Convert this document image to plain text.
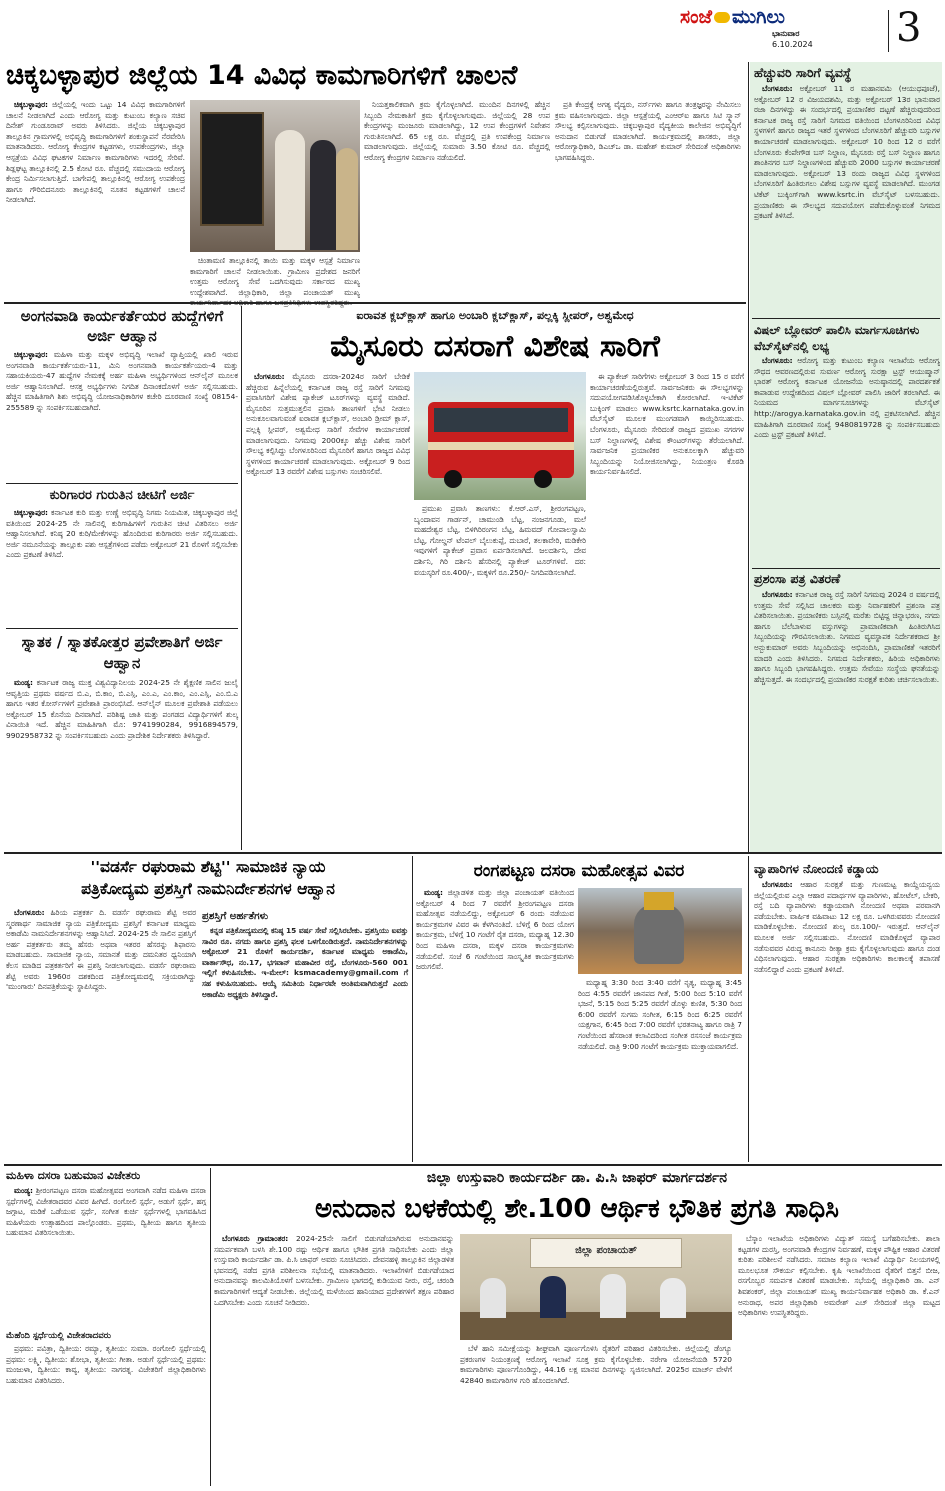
ಸಂಜೆ ಮುಗಿಲು
ಭಾನುವಾರ
6.10.2024 3
ಚಿಕ್ಕಬಳ್ಳಾಪುರ ಜಿಲ್ಲೆಯ 14 ವಿವಿಧ ಕಾಮಗಾರಿಗಳಿಗೆ ಚಾಲನೆ

ಚಿಕ್ಕಬಳ್ಳಾಪುರ: ಜಿಲ್ಲೆಯಲ್ಲಿ ಇಂದು ಒಟ್ಟು 14 ವಿವಿಧ ಕಾಮಗಾರಿಗಳಿಗೆ ಚಾಲನೆ ನೀಡಲಾಗಿದೆ ಎಂದು ಆರೋಗ್ಯ ಮತ್ತು ಕುಟುಂಬ ಕಲ್ಯಾಣ ಸಚಿವ ದಿನೇಶ್ ಗುಂಡೂರಾವ್ ಅವರು ತಿಳಿಸಿದರು. ಜಿಲ್ಲೆಯ ಚಿಕ್ಕಬಳ್ಳಾಪುರ ತಾಲ್ಲೂಕಿನ ಗ್ರಾಮಗಳಲ್ಲಿ ಅಭಿವೃದ್ಧಿ ಕಾಮಗಾರಿಗಳಿಗೆ ಶಂಕುಸ್ಥಾಪನೆ ನೆರವೇರಿಸಿ ಮಾತನಾಡಿದರು. ಆರೋಗ್ಯ ಕೇಂದ್ರಗಳ ಕಟ್ಟಡಗಳು, ಉಪಕೇಂದ್ರಗಳು, ಜಿಲ್ಲಾ ಆಸ್ಪತ್ರೆಯ ವಿವಿಧ ಘಟಕಗಳ ನಿರ್ಮಾಣ ಕಾಮಗಾರಿಗಳು ಇದರಲ್ಲಿ ಸೇರಿವೆ. ಶಿಡ್ಲಘಟ್ಟ ತಾಲ್ಲೂಕಿನಲ್ಲಿ 2.5 ಕೋಟಿ ರೂ. ವೆಚ್ಚದಲ್ಲಿ ಸಮುದಾಯ ಆರೋಗ್ಯ ಕೇಂದ್ರ ನಿರ್ಮಿಸಲಾಗುತ್ತಿದೆ. ಬಾಗೇಪಲ್ಲಿ ತಾಲ್ಲೂಕಿನಲ್ಲಿ ಆರೋಗ್ಯ ಉಪಕೇಂದ್ರ ಹಾಗೂ ಗೌರಿಬಿದನೂರು ತಾಲ್ಲೂಕಿನಲ್ಲಿ ನೂತನ ಕಟ್ಟಡಗಳಿಗೆ ಚಾಲನೆ ನೀಡಲಾಗಿದೆ.

ಚಿಂತಾಮಣಿ ತಾಲ್ಲೂಕಿನಲ್ಲಿ ತಾಯಿ ಮತ್ತು ಮಕ್ಕಳ ಆಸ್ಪತ್ರೆ ನಿರ್ಮಾಣ ಕಾಮಗಾರಿಗೆ ಚಾಲನೆ ನೀಡಲಾಯಿತು. ಗ್ರಾಮೀಣ ಪ್ರದೇಶದ ಜನರಿಗೆ ಉತ್ತಮ ಆರೋಗ್ಯ ಸೇವೆ ಒದಗಿಸುವುದು ಸರ್ಕಾರದ ಮುಖ್ಯ ಉದ್ದೇಶವಾಗಿದೆ. ಜಿಲ್ಲಾಧಿಕಾರಿ, ಜಿಲ್ಲಾ ಪಂಚಾಯತ್ ಮುಖ್ಯ

ನಿಯತ್ತಕಾಲಿಕವಾಗಿ ಕ್ರಮ ಕೈಗೊಳ್ಳಲಾಗಿದೆ. ಮುಂದಿನ ದಿನಗಳಲ್ಲಿ ಹೆಚ್ಚಿನ ಸಿಬ್ಬಂದಿ ನೇಮಕಾತಿಗೆ ಕ್ರಮ ಕೈಗೊಳ್ಳಲಾಗುವುದು. ಜಿಲ್ಲೆಯಲ್ಲಿ 28 ಉಪ ಕೇಂದ್ರಗಳನ್ನು ಮಂಜೂರು ಮಾಡಲಾಗಿದ್ದು, 12 ಉಪ ಕೇಂದ್ರಗಳಿಗೆ ನಿವೇಶನ ಗುರುತಿಸಲಾಗಿದೆ. 65 ಲಕ್ಷ ರೂ. ವೆಚ್ಚದಲ್ಲಿ ಪ್ರತಿ ಉಪಕೇಂದ್ರ ನಿರ್ಮಾಣ ಮಾಡಲಾಗುವುದು. ಜಿಲ್ಲೆಯಲ್ಲಿ ಸುಮಾರು 3.50 ಕೋಟಿ ರೂ. ವೆಚ್ಚದಲ್ಲಿ ಆರೋಗ್ಯ ಕೇಂದ್ರಗಳ ನಿರ್ಮಾಣ ನಡೆಯಲಿದೆ.

ಪ್ರತಿ ಕೇಂದ್ರಕ್ಕೆ ಅಗತ್ಯ ವೈದ್ಯರು, ನರ್ಸ್‌ಗಳು ಹಾಗೂ ತಂತ್ರಜ್ಞರನ್ನು ನೇಮಿಸಲು ಕ್ರಮ ವಹಿಸಲಾಗುವುದು. ಜಿಲ್ಲಾ ಆಸ್ಪತ್ರೆಯಲ್ಲಿ ಎಂಆರ್‌ಐ ಹಾಗೂ ಸಿಟಿ ಸ್ಕ್ಯಾನ್ ಸೌಲಭ್ಯ ಕಲ್ಪಿಸಲಾಗುವುದು. ಚಿಕ್ಕಬಳ್ಳಾಪುರ ವೈದ್ಯಕೀಯ ಕಾಲೇಜಿನ ಅಭಿವೃದ್ಧಿಗೆ ಅನುದಾನ ಬಿಡುಗಡೆ ಮಾಡಲಾಗಿದೆ. ಕಾರ್ಯಕ್ರಮದಲ್ಲಿ ಶಾಸಕರು, ಜಿಲ್ಲಾ ಆರೋಗ್ಯಾಧಿಕಾರಿ, ಡಿಎಚ್‌ಒ ಡಾ. ಮಹೇಶ್ ಕುಮಾರ್ ಸೇರಿದಂತೆ ಅಧಿಕಾರಿಗಳು ಭಾಗವಹಿಸಿದ್ದರು.

ಹೆಚ್ಚುವರಿ ಸಾರಿಗೆ ವ್ಯವಸ್ಥೆ

ಬೆಂಗಳೂರು: ಅಕ್ಟೋಬರ್ 11 ರ ಮಹಾನವಮಿ (ಆಯುಧಪೂಜೆ), ಅಕ್ಟೋಬರ್ 12 ರ ವಿಜಯದಶಮಿ, ಮತ್ತು ಅಕ್ಟೋಬರ್ 13ರ ಭಾನುವಾರ ರಜಾ ದಿನಗಳಿದ್ದು ಈ ಸಂದರ್ಭದಲ್ಲಿ ಪ್ರಯಾಣಿಕರ ದಟ್ಟಣೆ ಹೆಚ್ಚಿರುವುದರಿಂದ ಕರ್ನಾಟಕ ರಾಜ್ಯ ರಸ್ತೆ ಸಾರಿಗೆ ನಿಗಮದ ವತಿಯಿಂದ ಬೆಂಗಳೂರಿನಿಂದ ವಿವಿಧ ಸ್ಥಳಗಳಿಗೆ ಹಾಗೂ ರಾಜ್ಯದ ಇತರೆ ಸ್ಥಳಗಳಿಂದ ಬೆಂಗಳೂರಿಗೆ ಹೆಚ್ಚುವರಿ ಬಸ್ಸುಗಳ ಕಾರ್ಯಾಚರಣೆ ಮಾಡಲಾಗುವುದು. ಅಕ್ಟೋಬರ್ 10 ರಿಂದ 12 ರ ವರೆಗೆ ಬೆಂಗಳೂರು ಕೆಂಪೇಗೌಡ ಬಸ್ ನಿಲ್ದಾಣ, ಮೈಸೂರು ರಸ್ತೆ ಬಸ್ ನಿಲ್ದಾಣ ಹಾಗೂ ಶಾಂತಿನಗರ ಬಸ್ ನಿಲ್ದಾಣಗಳಿಂದ ಹೆಚ್ಚುವರಿ 2000 ಬಸ್ಸುಗಳ ಕಾರ್ಯಾಚರಣೆ ಮಾಡಲಾಗುವುದು. ಅಕ್ಟೋಬರ್ 13 ರಂದು ರಾಜ್ಯದ ವಿವಿಧ ಸ್ಥಳಗಳಿಂದ ಬೆಂಗಳೂರಿಗೆ ಹಿಂತಿರುಗಲು ವಿಶೇಷ ಬಸ್ಸುಗಳ ವ್ಯವಸ್ಥೆ ಮಾಡಲಾಗಿದೆ. ಮುಂಗಡ ಟಿಕೆಟ್ ಬುಕ್ಕಿಂಗ್‌ಗಾಗಿ www.ksrtc.in ವೆಬ್‌ಸೈಟ್ ಬಳಸಬಹುದು. ಪ್ರಯಾಣಿಕರು ಈ ಸೌಲಭ್ಯದ ಸದುಪಯೋಗ ಪಡೆದುಕೊಳ್ಳುವಂತೆ ನಿಗಮದ ಪ್ರಕಟಣೆ ತಿಳಿಸಿದೆ.

ವಿಷಲ್ ಬ್ಲೋವರ್ ಪಾಲಿಸಿ ಮಾರ್ಗಸೂಚಿಗಳು ವೆಬ್‌ಸೈಟ್‌ನಲ್ಲಿ ಲಭ್ಯ

ಬೆಂಗಳೂರು: ಆರೋಗ್ಯ ಮತ್ತು ಕುಟುಂಬ ಕಲ್ಯಾಣ ಇಲಾಖೆಯ ಆರೋಗ್ಯ ಸೌಧದ ಆವರಣದಲ್ಲಿರುವ ಸುವರ್ಣ ಆರೋಗ್ಯ ಸುರಕ್ಷಾ ಟ್ರಸ್ಟ್ ಆಯುಷ್ಮಾನ್ ಭಾರತ್ ಆರೋಗ್ಯ ಕರ್ನಾಟಕ ಯೋಜನೆಯ ಅನುಷ್ಠಾನದಲ್ಲಿ ಪಾರದರ್ಶಕತೆ ಕಾಪಾಡುವ ಉದ್ದೇಶದಿಂದ ವಿಷಲ್ ಬ್ಲೋವರ್ ಪಾಲಿಸಿ ಜಾರಿಗೆ ತರಲಾಗಿದೆ. ಈ ನಿಯಮದ ಮಾರ್ಗಸೂಚಿಗಳನ್ನು ವೆಬ್‌ಸೈಟ್ http://arogya.karnataka.gov.in ನಲ್ಲಿ ಪ್ರಕಟಿಸಲಾಗಿದೆ. ಹೆಚ್ಚಿನ ಮಾಹಿತಿಗಾಗಿ ದೂರವಾಣಿ ಸಂಖ್ಯೆ 9480819728 ನ್ನು ಸಂಪರ್ಕಿಸಬಹುದು ಎಂದು ಟ್ರಸ್ಟ್ ಪ್ರಕಟಣೆ ತಿಳಿಸಿದೆ.

ಪ್ರಶಂಸಾ ಪತ್ರ ವಿತರಣೆ

ಬೆಂಗಳೂರು: ಕರ್ನಾಟಕ ರಾಜ್ಯ ರಸ್ತೆ ಸಾರಿಗೆ ನಿಗಮವು 2024 ರ ವರ್ಷದಲ್ಲಿ ಉತ್ತಮ ಸೇವೆ ಸಲ್ಲಿಸಿದ ಚಾಲಕರು ಮತ್ತು ನಿರ್ವಾಹಕರಿಗೆ ಪ್ರಶಂಸಾ ಪತ್ರ ವಿತರಿಸಲಾಯಿತು. ಪ್ರಯಾಣಿಕರು ಬಸ್ಸಿನಲ್ಲಿ ಮರೆತು ಬಿಟ್ಟಿದ್ದ ಚಿನ್ನಾಭರಣ, ನಗದು ಹಾಗೂ ಬೆಲೆಬಾಳುವ ವಸ್ತುಗಳನ್ನು ಪ್ರಾಮಾಣಿಕವಾಗಿ ಹಿಂತಿರುಗಿಸಿದ ಸಿಬ್ಬಂದಿಯನ್ನು ಗೌರವಿಸಲಾಯಿತು. ನಿಗಮದ ವ್ಯವಸ್ಥಾಪಕ ನಿರ್ದೇಶಕರಾದ ಶ್ರೀ ಅನ್ಬುಕುಮಾರ್ ಅವರು ಸಿಬ್ಬಂದಿಯನ್ನು ಅಭಿನಂದಿಸಿ, ಪ್ರಾಮಾಣಿಕತೆ ಇತರರಿಗೆ ಮಾದರಿ ಎಂದು ತಿಳಿಸಿದರು. ನಿಗಮದ ನಿರ್ದೇಶಕರು, ಹಿರಿಯ ಅಧಿಕಾರಿಗಳು ಹಾಗೂ ಸಿಬ್ಬಂದಿ ಭಾಗವಹಿಸಿದ್ದರು. ಉತ್ತಮ ಸೇವೆಯು ಸಂಸ್ಥೆಯ ಘನತೆಯನ್ನು ಹೆಚ್ಚಿಸುತ್ತದೆ. ಈ ಸಂದರ್ಭದಲ್ಲಿ ಪ್ರಯಾಣಿಕರ ಸುರಕ್ಷತೆ ಕುರಿತು ಚರ್ಚಿಸಲಾಯಿತು.

ಅಂಗನವಾಡಿ ಕಾರ್ಯಕರ್ತೆಯರ ಹುದ್ದೆಗಳಿಗೆ ಅರ್ಜಿ ಆಹ್ವಾನ

ಚಿಕ್ಕಬಳ್ಳಾಪುರ: ಮಹಿಳಾ ಮತ್ತು ಮಕ್ಕಳ ಅಭಿವೃದ್ಧಿ ಇಲಾಖೆ ವ್ಯಾಪ್ತಿಯಲ್ಲಿ ಖಾಲಿ ಇರುವ ಅಂಗನವಾಡಿ ಕಾರ್ಯಕರ್ತೆಯರು-11, ಮಿನಿ ಅಂಗನವಾಡಿ ಕಾರ್ಯಕರ್ತೆಯರು-4 ಮತ್ತು ಸಹಾಯಕಿಯರು-47 ಹುದ್ದೆಗಳ ನೇಮಕಕ್ಕೆ ಅರ್ಹ ಮಹಿಳಾ ಅಭ್ಯರ್ಥಿಗಳಿಂದ ಆನ್‌ಲೈನ್ ಮೂಲಕ ಅರ್ಜಿ ಆಹ್ವಾನಿಸಲಾಗಿದೆ. ಆಸಕ್ತ ಅಭ್ಯರ್ಥಿಗಳು ನಿಗದಿತ ದಿನಾಂಕದೊಳಗೆ ಅರ್ಜಿ ಸಲ್ಲಿಸಬಹುದು. ಹೆಚ್ಚಿನ ಮಾಹಿತಿಗಾಗಿ ಶಿಶು ಅಭಿವೃದ್ಧಿ ಯೋಜನಾಧಿಕಾರಿಗಳ ಕಚೇರಿ ದೂರವಾಣಿ ಸಂಖ್ಯೆ 08154-255589 ನ್ನು ಸಂಪರ್ಕಿಸಬಹುದಾಗಿದೆ.

ಕುರಿಗಾರರ ಗುರುತಿನ ಚೀಟಿಗೆ ಅರ್ಜಿ

ಚಿಕ್ಕಬಳ್ಳಾಪುರ: ಕರ್ನಾಟಕ ಕುರಿ ಮತ್ತು ಉಣ್ಣೆ ಅಭಿವೃದ್ಧಿ ನಿಗಮ ನಿಯಮಿತ, ಚಿಕ್ಕಬಳ್ಳಾಪುರ ಜಿಲ್ಲೆ ವತಿಯಿಂದ 2024-25 ನೇ ಸಾಲಿನಲ್ಲಿ ಕುರಿಗಾಹಿಗಳಿಗೆ ಗುರುತಿನ ಚೀಟಿ ವಿತರಿಸಲು ಅರ್ಜಿ ಆಹ್ವಾನಿಸಲಾಗಿದೆ. ಕನಿಷ್ಠ 20 ಕುರಿ/ಮೇಕೆಗಳನ್ನು ಹೊಂದಿರುವ ಕುರಿಗಾರರು ಅರ್ಜಿ ಸಲ್ಲಿಸಬಹುದು. ಅರ್ಜಿ ನಮೂನೆಯನ್ನು ತಾಲ್ಲೂಕು ಪಶು ಆಸ್ಪತ್ರೆಗಳಿಂದ ಪಡೆದು ಅಕ್ಟೋಬರ್ 21 ರೊಳಗೆ ಸಲ್ಲಿಸಬೇಕು ಎಂದು ಪ್ರಕಟಣೆ ತಿಳಿಸಿದೆ.

ಸ್ನಾತಕ / ಸ್ನಾತಕೋತ್ತರ ಪ್ರವೇಶಾತಿಗೆ ಅರ್ಜಿ ಆಹ್ವಾನ

ಮಂಡ್ಯ: ಕರ್ನಾಟಕ ರಾಜ್ಯ ಮುಕ್ತ ವಿಶ್ವವಿದ್ಯಾನಿಲಯ 2024-25 ನೇ ಶೈಕ್ಷಣಿಕ ಸಾಲಿನ ಜುಲೈ ಆವೃತ್ತಿಯ ಪ್ರಥಮ ವರ್ಷದ ಬಿ.ಎ, ಬಿ.ಕಾಂ, ಬಿ.ಎಸ್ಸಿ, ಎಂ.ಎ, ಎಂ.ಕಾಂ, ಎಂ.ಎಸ್ಸಿ, ಎಂ.ಬಿ.ಎ ಹಾಗೂ ಇತರ ಕೋರ್ಸ್‌ಗಳಿಗೆ ಪ್ರವೇಶಾತಿ ಪ್ರಾರಂಭಿಸಿದೆ. ಆನ್‌ಲೈನ್ ಮೂಲಕ ಪ್ರವೇಶಾತಿ ಪಡೆಯಲು ಅಕ್ಟೋಬರ್ 15 ಕೊನೆಯ ದಿನವಾಗಿದೆ. ಪರಿಶಿಷ್ಟ ಜಾತಿ ಮತ್ತು ಪಂಗಡದ ವಿದ್ಯಾರ್ಥಿಗಳಿಗೆ ಶುಲ್ಕ ವಿನಾಯಿತಿ ಇದೆ. ಹೆಚ್ಚಿನ ಮಾಹಿತಿಗಾಗಿ ಮೊ: 9741990284, 9916894579, 9902958732 ನ್ನು ಸಂಪರ್ಕಿಸಬಹುದು ಎಂದು ಪ್ರಾದೇಶಿಕ ನಿರ್ದೇಶಕರು ತಿಳಿಸಿದ್ದಾರೆ.

ಐರಾವತ ಕ್ಲಬ್‌ಕ್ಲಾಸ್ ಹಾಗೂ ಅಂಬಾರಿ ಕ್ಲಬ್‌ಕ್ಲಾಸ್, ಪಲ್ಲಕ್ಕಿ ಸ್ಲೀಪರ್, ಅಶ್ವಮೇಧ
ಮೈಸೂರು ದಸರಾಗೆ ವಿಶೇಷ ಸಾರಿಗೆ

ಬೆಂಗಳೂರು: ಮೈಸೂರು ದಸರಾ-2024ರ ಸಾರಿಗೆ ಬೇಡಿಕೆ ಹೆಚ್ಚಿರುವ ಹಿನ್ನೆಲೆಯಲ್ಲಿ ಕರ್ನಾಟಕ ರಾಜ್ಯ ರಸ್ತೆ ಸಾರಿಗೆ ನಿಗಮವು ಪ್ರವಾಸಿಗರಿಗೆ ವಿಶೇಷ ಪ್ಯಾಕೇಜ್ ಟೂರ್‌ಗಳನ್ನು ವ್ಯವಸ್ಥೆ ಮಾಡಿದೆ. ಮೈಸೂರಿನ ಸುತ್ತಮುತ್ತಲಿನ ಪ್ರವಾಸಿ ತಾಣಗಳಿಗೆ ಭೇಟಿ ನೀಡಲು ಅನುಕೂಲವಾಗುವಂತೆ ಐರಾವತ ಕ್ಲಬ್‌ಕ್ಲಾಸ್, ಅಂಬಾರಿ ಡ್ರೀಮ್ ಕ್ಲಾಸ್, ಪಲ್ಲಕ್ಕಿ ಸ್ಲೀಪರ್, ಅಶ್ವಮೇಧ ಸಾರಿಗೆ ಸೇವೆಗಳ ಕಾರ್ಯಾಚರಣೆ ಮಾಡಲಾಗುವುದು. ನಿಗಮವು 2000ಕ್ಕೂ ಹೆಚ್ಚು ವಿಶೇಷ ಸಾರಿಗೆ ಸೌಲಭ್ಯ ಕಲ್ಪಿಸಿದ್ದು ಬೆಂಗಳೂರಿನಿಂದ ಮೈಸೂರಿಗೆ ಹಾಗೂ ರಾಜ್ಯದ ವಿವಿಧ ಸ್ಥಳಗಳಿಂದ ಕಾರ್ಯಾಚರಣೆ ಮಾಡಲಾಗುವುದು. ಅಕ್ಟೋಬರ್ 9 ರಿಂದ ಅಕ್ಟೋಬರ್ 13 ರವರೆಗೆ ವಿಶೇಷ ಬಸ್ಸುಗಳು ಸಂಚರಿಸಲಿವೆ.

ಪ್ರಮುಖ ಪ್ರವಾಸಿ ತಾಣಗಳು: ಕೆ.ಆರ್.ಎಸ್, ಶ್ರೀರಂಗಪಟ್ಟಣ, ಬೃಂದಾವನ ಗಾರ್ಡನ್, ಚಾಮುಂಡಿ ಬೆಟ್ಟ, ನಂಜನಗೂಡು, ಮಲೆ ಮಹದೇಶ್ವರ ಬೆಟ್ಟ, ಬಿಳಿಗಿರಿರಂಗನ ಬೆಟ್ಟ, ಹಿಮವದ್ ಗೋಪಾಲಸ್ವಾಮಿ ಬೆಟ್ಟ, ಗೋಲ್ಡನ್ ಟೆಂಪಲ್ ಬೈಲುಕುಪ್ಪೆ, ದುಬಾರೆ, ತಲಕಾವೇರಿ, ಮಡಿಕೇರಿ ಇವುಗಳಿಗೆ ಪ್ಯಾಕೇಜ್ ಪ್ರವಾಸ ಏರ್ಪಡಿಸಲಾಗಿದೆ. ಜಲದರ್ಶಿನಿ, ದೇವ ದರ್ಶಿನಿ, ಗಿರಿ ದರ್ಶಿನಿ ಹೆಸರಿನಲ್ಲಿ ಪ್ಯಾಕೇಜ್ ಟೂರ್‌ಗಳಿವೆ. ದರ: ವಯಸ್ಕರಿಗೆ ರೂ.400/-, ಮಕ್ಕಳಿಗೆ ರೂ.250/- ನಿಗದಿಪಡಿಸಲಾಗಿದೆ.

ಈ ಪ್ಯಾಕೇಜ್ ಸಾರಿಗೆಗಳು ಅಕ್ಟೋಬರ್ 3 ರಿಂದ 15 ರ ವರೆಗೆ ಕಾರ್ಯಾಚರಣೆಯಲ್ಲಿರುತ್ತವೆ. ಸಾರ್ವಜನಿಕರು ಈ ಸೌಲಭ್ಯಗಳನ್ನು ಸದುಪಯೋಗಪಡಿಸಿಕೊಳ್ಳಬೇಕಾಗಿ ಕೋರಲಾಗಿದೆ. ಇ-ಟಿಕೆಟ್ ಬುಕ್ಕಿಂಗ್ ಮಾಡಲು www.ksrtc.karnataka.gov.in ವೆಬ್‌ಸೈಟ್ ಮೂಲಕ ಮುಂಗಡವಾಗಿ ಕಾಯ್ದಿರಿಸಬಹುದು. ಬೆಂಗಳೂರು, ಮೈಸೂರು ಸೇರಿದಂತೆ ರಾಜ್ಯದ ಪ್ರಮುಖ ನಗರಗಳ ಬಸ್ ನಿಲ್ದಾಣಗಳಲ್ಲಿ ವಿಶೇಷ ಕೌಂಟರ್‌ಗಳನ್ನು ತೆರೆಯಲಾಗಿದೆ. ಸಾರ್ವಜನಿಕ ಪ್ರಯಾಣಿಕರ ಅನುಕೂಲಕ್ಕಾಗಿ ಹೆಚ್ಚುವರಿ ಸಿಬ್ಬಂದಿಯನ್ನು ನಿಯೋಜಿಸಲಾಗಿದ್ದು, ನಿಯಂತ್ರಣ ಕೊಠಡಿ ಕಾರ್ಯನಿರ್ವಹಿಸಲಿದೆ.

''ವಡರ್ಸೆ ರಘುರಾಮ ಶೆಟ್ಟಿ'' ಸಾಮಾಜಿಕ ನ್ಯಾಯ
ಪತ್ರಿಕೋದ್ಯಮ ಪ್ರಶಸ್ತಿಗೆ ನಾಮನಿರ್ದೇಶನಗಳ ಆಹ್ವಾನ

ಬೆಂಗಳೂರು: ಹಿರಿಯ ಪತ್ರಕರ್ತ ದಿ. ವಡರ್ಸೆ ರಘುರಾಮ ಶೆಟ್ಟಿ ಅವರ ಸ್ಮರಣಾರ್ಥ ಸಾಮಾಜಿಕ ನ್ಯಾಯ ಪತ್ರಿಕೋದ್ಯಮ ಪ್ರಶಸ್ತಿಗೆ ಕರ್ನಾಟಕ ಮಾಧ್ಯಮ ಅಕಾಡೆಮಿ ನಾಮನಿರ್ದೇಶನಗಳನ್ನು ಆಹ್ವಾನಿಸಿದೆ. 2024-25 ನೇ ಸಾಲಿನ ಪ್ರಶಸ್ತಿಗೆ ಅರ್ಹ ಪತ್ರಕರ್ತರು ತಮ್ಮ ಹೆಸರು ಅಥವಾ ಇತರರ ಹೆಸರನ್ನು ಶಿಫಾರಸು ಮಾಡಬಹುದು. ಸಾಮಾಜಿಕ ನ್ಯಾಯ, ಸಮಾನತೆ ಮತ್ತು ದಮನಿತರ ಧ್ವನಿಯಾಗಿ ಕೆಲಸ ಮಾಡಿದ ಪತ್ರಕರ್ತರಿಗೆ ಈ ಪ್ರಶಸ್ತಿ ನೀಡಲಾಗುವುದು. ವಡರ್ಸೆ ರಘುರಾಮ ಶೆಟ್ಟಿ ಅವರು 1960ರ ದಶಕದಿಂದ ಪತ್ರಿಕೋದ್ಯಮದಲ್ಲಿ ಸಕ್ರಿಯರಾಗಿದ್ದು 'ಮುಂಗಾರು' ದಿನಪತ್ರಿಕೆಯನ್ನು ಸ್ಥಾಪಿಸಿದ್ದರು.

ಪ್ರಶಸ್ತಿಗೆ ಅರ್ಹತೆಗಳು

ಕನ್ನಡ ಪತ್ರಿಕೋದ್ಯಮದಲ್ಲಿ ಕನಿಷ್ಠ 15 ವರ್ಷ ಸೇವೆ ಸಲ್ಲಿಸಿರಬೇಕು. ಪ್ರಶಸ್ತಿಯು ಐವತ್ತು ಸಾವಿರ ರೂ. ನಗದು ಹಾಗೂ ಪ್ರಶಸ್ತಿ ಫಲಕ ಒಳಗೊಂಡಿರುತ್ತದೆ. ನಾಮನಿರ್ದೇಶನಗಳನ್ನು ಅಕ್ಟೋಬರ್ 21 ರೊಳಗೆ ಕಾರ್ಯದರ್ಶಿ, ಕರ್ನಾಟಕ ಮಾಧ್ಯಮ ಅಕಾಡೆಮಿ, ವಾರ್ತಾಸೌಧ, ನಂ.17, ಭಗವಾನ್ ಮಹಾವೀರ ರಸ್ತೆ, ಬೆಂಗಳೂರು-560 001 ಇಲ್ಲಿಗೆ ಕಳುಹಿಸಬೇಕು. ಇ-ಮೇಲ್: ksmacademy@gmail.com ಗೆ ಸಹ ಕಳುಹಿಸಬಹುದು. ಆಯ್ಕೆ ಸಮಿತಿಯ ನಿರ್ಧಾರವೇ ಅಂತಿಮವಾಗಿರುತ್ತದೆ ಎಂದು ಅಕಾಡೆಮಿ ಅಧ್ಯಕ್ಷರು ತಿಳಿಸಿದ್ದಾರೆ.

ರಂಗಪಟ್ಟಣ ದಸರಾ ಮಹೋತ್ಸವ ವಿವರ

ಮಂಡ್ಯ: ಜಿಲ್ಲಾಡಳಿತ ಮತ್ತು ಜಿಲ್ಲಾ ಪಂಚಾಯತ್ ವತಿಯಿಂದ ಅಕ್ಟೋಬರ್ 4 ರಿಂದ 7 ರವರೆಗೆ ಶ್ರೀರಂಗಪಟ್ಟಣ ದಸರಾ ಮಹೋತ್ಸವ ನಡೆಯಲಿದ್ದು, ಅಕ್ಟೋಬರ್ 6 ರಂದು ನಡೆಯುವ ಕಾರ್ಯಕ್ರಮಗಳ ವಿವರ ಈ ಕೆಳಗಿನಂತಿದೆ. ಬೆಳಿಗ್ಗೆ 6 ರಿಂದ ಯೋಗ ಕಾರ್ಯಕ್ರಮ, ಬೆಳಿಗ್ಗೆ 10 ಗಂಟೆಗೆ ರೈತ ದಸರಾ, ಮಧ್ಯಾಹ್ನ 12.30 ರಿಂದ ಮಹಿಳಾ ದಸರಾ, ಮಕ್ಕಳ ದಸರಾ ಕಾರ್ಯಕ್ರಮಗಳು ನಡೆಯಲಿವೆ. ಸಂಜೆ 6 ಗಂಟೆಯಿಂದ ಸಾಂಸ್ಕೃತಿಕ ಕಾರ್ಯಕ್ರಮಗಳು ಜರುಗಲಿವೆ.

ಮಧ್ಯಾಹ್ನ 3:30 ರಿಂದ 3:40 ವರೆಗೆ ನೃತ್ಯ, ಮಧ್ಯಾಹ್ನ 3:45 ರಿಂದ 4:55 ರವರೆಗೆ ಜಾನಪದ ಗೀತೆ, 5:00 ರಿಂದ 5:10 ವರೆಗೆ ಭಜನೆ, 5:15 ರಿಂದ 5:25 ರವರೆಗೆ ಡೊಳ್ಳು ಕುಣಿತ, 5:30 ರಿಂದ 6:00 ರವರೆಗೆ ಸುಗಮ ಸಂಗೀತ, 6:15 ರಿಂದ 6:25 ರವರೆಗೆ ಯಕ್ಷಗಾನ, 6:45 ರಿಂದ 7:00 ರವರೆಗೆ ಭರತನಾಟ್ಯ ಹಾಗೂ ರಾತ್ರಿ 7 ಗಂಟೆಯಿಂದ ಹೆಸರಾಂತ ಕಲಾವಿದರಿಂದ ಸಂಗೀತ ರಸಸಂಜೆ ಕಾರ್ಯಕ್ರಮ ನಡೆಯಲಿದೆ. ರಾತ್ರಿ 9:00 ಗಂಟೆಗೆ ಕಾರ್ಯಕ್ರಮ ಮುಕ್ತಾಯವಾಗಲಿದೆ.

ವ್ಯಾಪಾರಿಗಳ ನೋಂದಣಿ ಕಡ್ಡಾಯ

ಬೆಂಗಳೂರು: ಆಹಾರ ಸುರಕ್ಷತೆ ಮತ್ತು ಗುಣಮಟ್ಟ ಕಾಯ್ದೆಯನ್ವಯ ಜಿಲ್ಲೆಯಲ್ಲಿರುವ ಎಲ್ಲಾ ಆಹಾರ ಪದಾರ್ಥಗಳ ವ್ಯಾಪಾರಿಗಳು, ಹೋಟೆಲ್, ಬೇಕರಿ, ರಸ್ತೆ ಬದಿ ವ್ಯಾಪಾರಿಗಳು ಕಡ್ಡಾಯವಾಗಿ ನೋಂದಣಿ ಅಥವಾ ಪರವಾನಗಿ ಪಡೆಯಬೇಕು. ವಾರ್ಷಿಕ ವಹಿವಾಟು 12 ಲಕ್ಷ ರೂ. ಒಳಗಿರುವವರು ನೋಂದಣಿ ಮಾಡಿಕೊಳ್ಳಬೇಕು. ನೋಂದಣಿ ಶುಲ್ಕ ರೂ.100/- ಇರುತ್ತದೆ. ಆನ್‌ಲೈನ್ ಮೂಲಕ ಅರ್ಜಿ ಸಲ್ಲಿಸಬಹುದು. ನೋಂದಣಿ ಮಾಡಿಕೊಳ್ಳದೆ ವ್ಯಾಪಾರ ನಡೆಸುವವರ ವಿರುದ್ಧ ಕಾನೂನು ರೀತ್ಯಾ ಕ್ರಮ ಕೈಗೊಳ್ಳಲಾಗುವುದು ಹಾಗೂ ದಂಡ ವಿಧಿಸಲಾಗುವುದು. ಆಹಾರ ಸುರಕ್ಷತಾ ಅಧಿಕಾರಿಗಳು ಕಾಲಕಾಲಕ್ಕೆ ತಪಾಸಣೆ ನಡೆಸಲಿದ್ದಾರೆ ಎಂದು ಪ್ರಕಟಣೆ ತಿಳಿಸಿದೆ.

ಮಹಿಳಾ ದಸರಾ ಬಹುಮಾನ ವಿಜೇತರು

ಮಂಡ್ಯ: ಶ್ರೀರಂಗಪಟ್ಟಣ ದಸರಾ ಮಹೋತ್ಸವದ ಅಂಗವಾಗಿ ನಡೆದ ಮಹಿಳಾ ದಸರಾ ಸ್ಪರ್ಧೆಗಳಲ್ಲಿ ವಿಜೇತರಾದವರ ವಿವರ ಹೀಗಿದೆ. ರಂಗೋಲಿ ಸ್ಪರ್ಧೆ, ಅಡುಗೆ ಸ್ಪರ್ಧೆ, ಹಗ್ಗ ಜಗ್ಗಾಟ, ಮಡಿಕೆ ಒಡೆಯುವ ಸ್ಪರ್ಧೆ, ಸಂಗೀತ ಕುರ್ಚಿ ಸ್ಪರ್ಧೆಗಳಲ್ಲಿ ಭಾಗವಹಿಸಿದ ಮಹಿಳೆಯರು ಉತ್ಸಾಹದಿಂದ ಪಾಲ್ಗೊಂಡರು. ಪ್ರಥಮ, ದ್ವಿತೀಯ ಹಾಗೂ ತೃತೀಯ ಬಹುಮಾನ ವಿತರಿಸಲಾಯಿತು.

ಮೆಹೆಂದಿ ಸ್ಪರ್ಧೆಯಲ್ಲಿ ವಿಜೇತರಾದವರು

ಪ್ರಥಮ: ಪವಿತ್ರಾ, ದ್ವಿತೀಯ: ರಮ್ಯಾ, ತೃತೀಯ: ಸುಮಾ. ರಂಗೋಲಿ ಸ್ಪರ್ಧೆಯಲ್ಲಿ ಪ್ರಥಮ: ಲಕ್ಷ್ಮಿ, ದ್ವಿತೀಯ: ಶೋಭಾ, ತೃತೀಯ: ಗೀತಾ. ಅಡುಗೆ ಸ್ಪರ್ಧೆಯಲ್ಲಿ ಪ್ರಥಮ: ಮಂಜುಳಾ, ದ್ವಿತೀಯ: ಕಾವ್ಯ, ತೃತೀಯ: ನಾಗರತ್ನ. ವಿಜೇತರಿಗೆ ಜಿಲ್ಲಾಧಿಕಾರಿಗಳು ಬಹುಮಾನ ವಿತರಿಸಿದರು.

ಜಿಲ್ಲಾ ಉಸ್ತುವಾರಿ ಕಾರ್ಯದರ್ಶಿ ಡಾ. ಪಿ.ಸಿ ಜಾಫರ್ ಮಾರ್ಗದರ್ಶನ
ಅನುದಾನ ಬಳಕೆಯಲ್ಲಿ ಶೇ.100 ಆರ್ಥಿಕ ಭೌತಿಕ ಪ್ರಗತಿ ಸಾಧಿಸಿ

ಬೆಂಗಳೂರು ಗ್ರಾಮಾಂತರ: 2024-25ನೇ ಸಾಲಿಗೆ ಬಿಡುಗಡೆಯಾಗಿರುವ ಅನುದಾನವನ್ನು ಸಮರ್ಪಕವಾಗಿ ಬಳಸಿ ಶೇ.100 ರಷ್ಟು ಆರ್ಥಿಕ ಹಾಗೂ ಭೌತಿಕ ಪ್ರಗತಿ ಸಾಧಿಸಬೇಕು ಎಂದು ಜಿಲ್ಲಾ ಉಸ್ತುವಾರಿ ಕಾರ್ಯದರ್ಶಿ ಡಾ. ಪಿ.ಸಿ ಜಾಫರ್ ಅವರು ಸೂಚಿಸಿದರು. ದೇವನಹಳ್ಳಿ ತಾಲ್ಲೂಕಿನ ಜಿಲ್ಲಾಡಳಿತ ಭವನದಲ್ಲಿ ನಡೆದ ಪ್ರಗತಿ ಪರಿಶೀಲನಾ ಸಭೆಯಲ್ಲಿ ಮಾತನಾಡಿದರು. ಇಲಾಖೆಗಳಿಗೆ ಬಿಡುಗಡೆಯಾದ ಅನುದಾನವನ್ನು ಕಾಲಮಿತಿಯೊಳಗೆ ಬಳಸಬೇಕು. ಗ್ರಾಮೀಣ ಭಾಗದಲ್ಲಿ ಕುಡಿಯುವ ನೀರು, ರಸ್ತೆ, ಚರಂಡಿ ಕಾಮಗಾರಿಗಳಿಗೆ ಆದ್ಯತೆ ನೀಡಬೇಕು. ಜಿಲ್ಲೆಯಲ್ಲಿ ಮಳೆಯಿಂದ ಹಾನಿಯಾದ ಪ್ರದೇಶಗಳಿಗೆ ತಕ್ಷಣ ಪರಿಹಾರ ಒದಗಿಸಬೇಕು ಎಂದು ಸೂಚನೆ ನೀಡಿದರು.

ಜಿಲ್ಲಾ ಪಂಚಾಯತ್

ಬೆಳೆ ಹಾನಿ ಸಮೀಕ್ಷೆಯನ್ನು ಶೀಘ್ರವಾಗಿ ಪೂರ್ಣಗೊಳಿಸಿ ರೈತರಿಗೆ ಪರಿಹಾರ ವಿತರಿಸಬೇಕು. ಜಿಲ್ಲೆಯಲ್ಲಿ ಡೆಂಗ್ಯೂ ಪ್ರಕರಣಗಳ ನಿಯಂತ್ರಣಕ್ಕೆ ಆರೋಗ್ಯ ಇಲಾಖೆ ಸೂಕ್ತ ಕ್ರಮ ಕೈಗೊಳ್ಳಬೇಕು. ನರೇಗಾ ಯೋಜನೆಯಡಿ 5720 ಕಾಮಗಾರಿಗಳು ಪೂರ್ಣಗೊಂಡಿದ್ದು, 44.16 ಲಕ್ಷ ಮಾನವ ದಿನಗಳನ್ನು ಸೃಜಿಸಲಾಗಿದೆ. 2025ರ ಮಾರ್ಚ್ ವೇಳೆಗೆ 42840 ಕಾಮಗಾರಿಗಳ ಗುರಿ ಹೊಂದಲಾಗಿದೆ.

ಬೆಸ್ಕಾಂ ಇಲಾಖೆಯ ಅಧಿಕಾರಿಗಳು ವಿದ್ಯುತ್ ಸಮಸ್ಯೆ ಬಗೆಹರಿಸಬೇಕು. ಶಾಲಾ ಕಟ್ಟಡಗಳ ದುರಸ್ತಿ, ಅಂಗನವಾಡಿ ಕೇಂದ್ರಗಳ ನಿರ್ವಹಣೆ, ಮಕ್ಕಳ ಪೌಷ್ಟಿಕ ಆಹಾರ ವಿತರಣೆ ಕುರಿತು ಪರಿಶೀಲನೆ ನಡೆಸಿದರು. ಸಮಾಜ ಕಲ್ಯಾಣ ಇಲಾಖೆ ವಿದ್ಯಾರ್ಥಿ ನಿಲಯಗಳಲ್ಲಿ ಮೂಲಭೂತ ಸೌಕರ್ಯ ಕಲ್ಪಿಸಬೇಕು. ಕೃಷಿ ಇಲಾಖೆಯಿಂದ ರೈತರಿಗೆ ಬಿತ್ತನೆ ಬೀಜ, ರಸಗೊಬ್ಬರ ಸಮರ್ಪಕ ವಿತರಣೆ ಮಾಡಬೇಕು. ಸಭೆಯಲ್ಲಿ ಜಿಲ್ಲಾಧಿಕಾರಿ ಡಾ. ಎನ್ ಶಿವಶಂಕರ್, ಜಿಲ್ಲಾ ಪಂಚಾಯತ್ ಮುಖ್ಯ ಕಾರ್ಯನಿರ್ವಾಹಕ ಅಧಿಕಾರಿ ಡಾ. ಕೆ.ಎನ್ ಅನುರಾಧ, ಅಪರ ಜಿಲ್ಲಾಧಿಕಾರಿ ಅಮರೇಶ್ ಎಚ್ ಸೇರಿದಂತೆ ಜಿಲ್ಲಾ ಮಟ್ಟದ ಅಧಿಕಾರಿಗಳು ಉಪಸ್ಥಿತರಿದ್ದರು.
